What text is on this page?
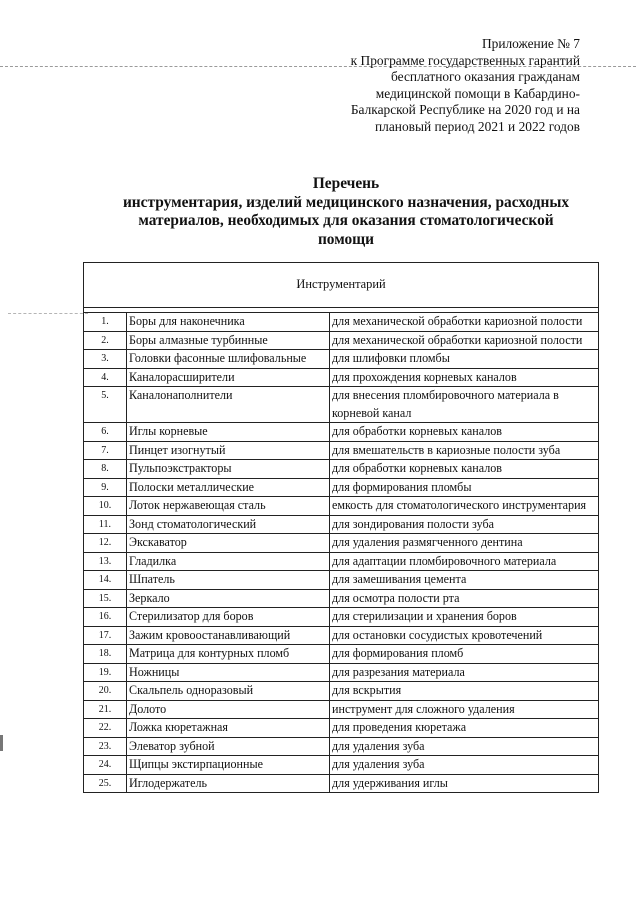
Приложение № 7
к Программе государственных гарантий
бесплатного оказания гражданам
медицинской помощи в Кабардино-
Балкарской Республике на 2020 год и на
плановый период 2021 и 2022 годов
Перечень
инструментария, изделий медицинского назначения, расходных
материалов, необходимых для оказания стоматологической
помощи
Инструментарий		

1.	Боры для наконечника	для механической обработки кариозной полости
2.	Боры алмазные турбинные	для механической обработки кариозной полости
3.	Головки фасонные шлифовальные	для шлифовки пломбы
4.	Каналорасширители	для прохождения корневых каналов
5.	Каналонаполнители	для внесения пломбировочного материала в корневой канал
6.	Иглы корневые	для обработки корневых каналов
7.	Пинцет изогнутый	для вмешательств в кариозные полости зуба
8.	Пульпоэкстракторы	для обработки корневых каналов
9.	Полоски металлические	для формирования пломбы
10.	Лоток нержавеющая сталь	емкость для стоматологического инструментария
11.	Зонд стоматологический	для зондирования полости зуба
12.	Экскаватор	для удаления размягченного дентина
13.	Гладилка	для адаптации пломбировочного материала
14.	Шпатель	для замешивания цемента
15.	Зеркало	для осмотра полости рта
16.	Стерилизатор для боров	для стерилизации и хранения боров
17.	Зажим кровоостанавливающий	для остановки сосудистых кровотечений
18.	Матрица для контурных пломб	для формирования пломб
19.	Ножницы	для разрезания материала
20.	Скальпель одноразовый	для вскрытия
21.	Долото	инструмент для сложного удаления
22.	Ложка кюретажная	для проведения кюретажа
23.	Элеватор зубной	для удаления зуба
24.	Щипцы экстирпационные	для удаления зуба
25.	Иглодержатель	для удерживания иглы
